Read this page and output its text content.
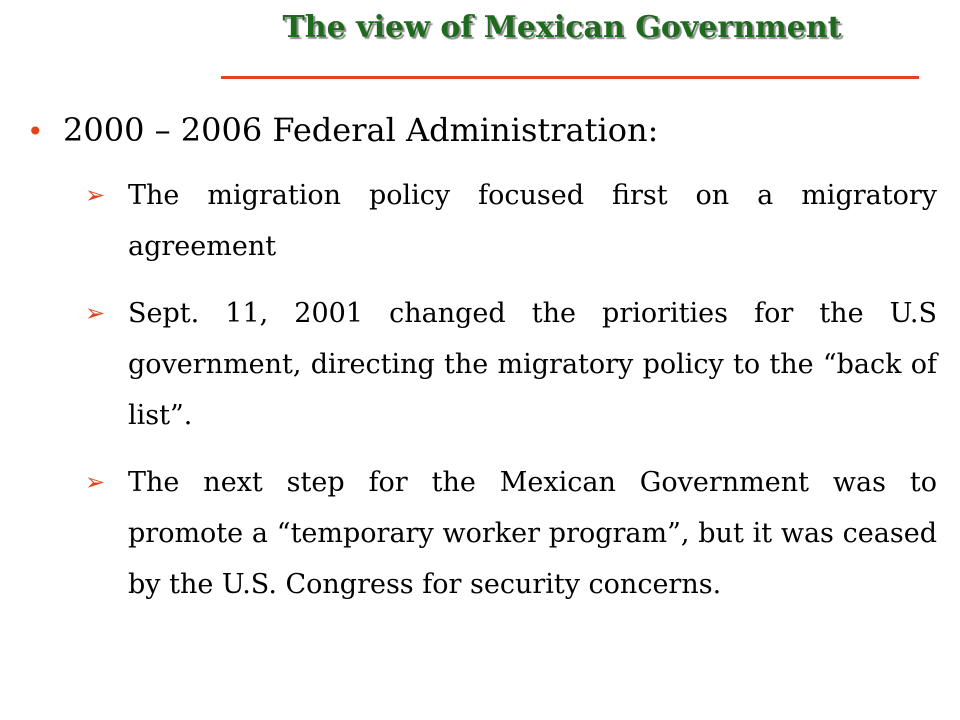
The view of Mexican Government
• 2000 – 2006 Federal Administration:
➢ The migration policy focused first on a migratory agreement
➢ Sept. 11, 2001 changed the priorities for the U.S government, directing the migratory policy to the “back of list”.
➢ The next step for the Mexican Government was to promote a “temporary worker program”, but it was ceased by the U.S. Congress for security concerns.
